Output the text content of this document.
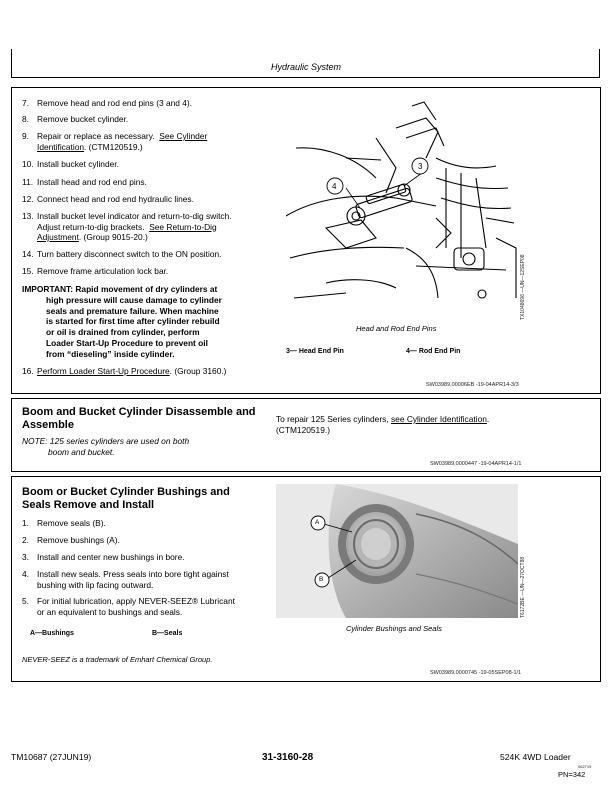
Hydraulic System
7. Remove head and rod end pins (3 and 4).
8. Remove bucket cylinder.
9. Repair or replace as necessary. See Cylinder
Identification. (CTM120519.)
10. Install bucket cylinder.
11. Install head and rod end pins.
12. Connect head and rod end hydraulic lines.
13. Install bucket level indicator and return-to-dig switch.
Adjust return-to-dig brackets. See Return-to-Dig
Adjustment. (Group 9015-20.)
14. Turn battery disconnect switch to the ON position.
15. Remove frame articulation lock bar.
IMPORTANT: Rapid movement of dry cylinders at
high pressure will cause damage to cylinder
seals and premature failure. When machine
is started for first time after cylinder rebuild
or oil is drained from cylinder, perform
Loader Start-Up Procedure to prevent oil
from “dieseling” inside cylinder.
16. Perform Loader Start-Up Procedure. (Group 3160.)
3
4
TX1048696 —UN—12SEP08
Head and Rod End Pins
3— Head End Pin	4— Rod End Pin
SW03989,00006EB -19-04APR14-3/3
Boom and Bucket Cylinder Disassemble and
Assemble
NOTE: 125 series cylinders are used on both
boom and bucket.
To repair 125 Series cylinders, see Cylinder Identification.
(CTM120519.)
SW03989,0000447 -19-04APR14-1/1
Boom or Bucket Cylinder Bushings and
Seals Remove and Install
1. Remove seals (B).
2. Remove bushings (A).
3. Install and center new bushings in bore.
4. Install new seals. Press seals into bore tight against
bushing with lip facing outward.
5. For initial lubrication, apply NEVER-SEEZ® Lubricant
or an equivalent to bushings and seals.
A—Bushings	B—Seals
NEVER-SEEZ is a trademark of Emhart Chemical Group.
A
B	T6172BE —UN—27OCT88
Cylinder Bushings and Seals
SW03989,0000745 -19-05SEP08-1/1
TM10687 (27JUN19)	31-3160-28	524K 4WD Loader
062719
PN=342
